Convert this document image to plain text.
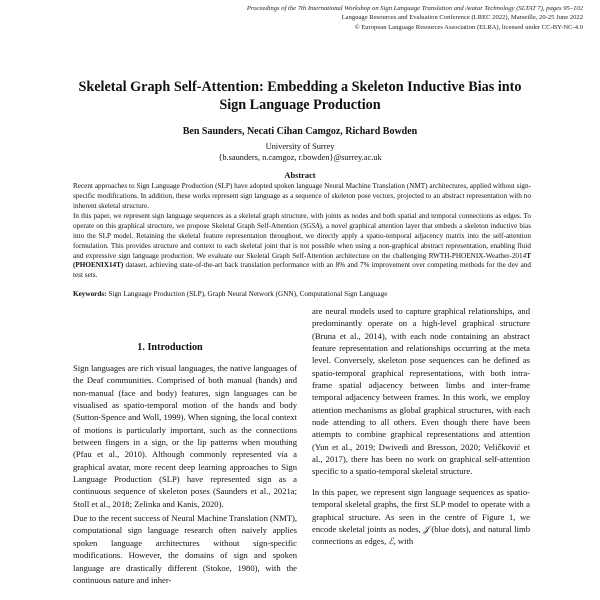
Proceedings of the 7th International Workshop on Sign Language Translation and Avatar Technology (SLTAT 7), pages 95–102
Language Resources and Evaluation Conference (LREC 2022), Marseille, 20-25 June 2022
© European Language Resources Association (ELRA), licensed under CC-BY-NC-4.0
Skeletal Graph Self-Attention: Embedding a Skeleton Inductive Bias into
Sign Language Production
Ben Saunders, Necati Cihan Camgoz, Richard Bowden
University of Surrey
{b.saunders, n.camgoz, r.bowden}@surrey.ac.uk
Abstract

Recent approaches to Sign Language Production (SLP) have adopted spoken language Neural Machine Translation (NMT) architectures, applied without sign-specific modifications. In addition, these works represent sign language as a sequence of skeleton pose vectors, projected to an abstract representation with no inherent skeletal structure.

In this paper, we represent sign language sequences as a skeletal graph structure, with joints as nodes and both spatial and temporal connections as edges. To operate on this graphical structure, we propose Skeletal Graph Self-Attention (SGSA), a novel graphical attention layer that embeds a skeleton inductive bias into the SLP model. Retaining the skeletal feature representation throughout, we directly apply a spatio-temporal adjacency matrix into the self-attention formulation. This provides structure and context to each skeletal joint that is not possible when using a non-graphical abstract representation, enabling fluid and expressive sign language production. We evaluate our Skeletal Graph Self-Attention architecture on the challenging RWTH-PHOENIX-Weather-2014T (PHOENIX14T) dataset, achieving state-of-the-art back translation performance with an 8% and 7% improvement over competing methods for the dev and test sets.

Keywords: Sign Language Production (SLP), Graph Neural Network (GNN), Computational Sign Language
1. Introduction

Sign languages are rich visual languages, the native languages of the Deaf communities. Comprised of both manual (hands) and non-manual (face and body) features, sign languages can be visualised as spatio-temporal motion of the hands and body (Sutton-Spence and Woll, 1999). When signing, the local context of motions is particularly important, such as the connections between fingers in a sign, or the lip patterns when mouthing (Pfau et al., 2010). Although commonly represented via a graphical avatar, more recent deep learning approaches to Sign Language Production (SLP) have represented sign as a continuous sequence of skeleton poses (Saunders et al., 2021a; Stoll et al., 2018; Zelinka and Kanis, 2020).

Due to the recent success of Neural Machine Translation (NMT), computational sign language research often naively applies spoken language architectures without sign-specific modifications. However, the domains of sign and spoken language are drastically different (Stokoe, 1980), with the continuous nature and inher-

are neural models used to capture graphical relationships, and predominantly operate on a high-level graphical structure (Bruna et al., 2014), with each node containing an abstract feature representation and relationships occurring at the meta level. Conversely, skeleton pose sequences can be defined as spatio-temporal graphical representations, with both intra-frame spatial adjacency between limbs and inter-frame temporal adjacency between frames. In this work, we employ attention mechanisms as global graphical structures, with each node attending to all others. Even though there have been attempts to combine graphical representations and attention (Yun et al., 2019; Dwivedi and Bresson, 2020; Veličković et al., 2017), there has been no work on graphical self-attention specific to a spatio-temporal skeletal structure.

In this paper, we represent sign language sequences as spatio-temporal skeletal graphs, the first SLP model to operate with a graphical structure. As seen in the centre of Figure 1, we encode skeletal joints as nodes, 𝒥 (blue dots), and natural limb connections as edges, ℰ, with
